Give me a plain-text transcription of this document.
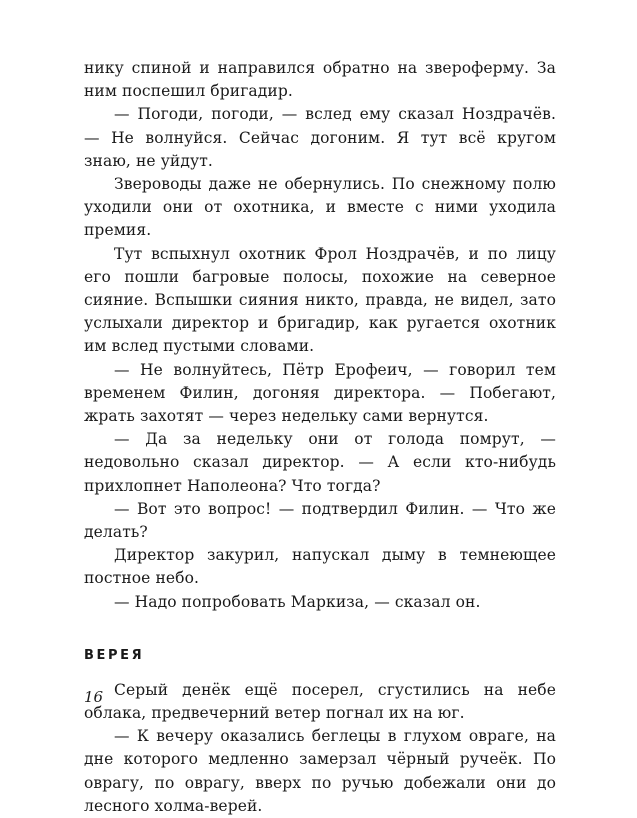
нику спиной и направился обратно на звероферму. За ним поспешил бригадир.

— Погоди, погоди, — вслед ему сказал Ноздрачёв. — Не волнуйся. Сейчас догоним. Я тут всё кругом знаю, не уйдут.

Звероводы даже не обернулись. По снежному полю уходили они от охотника, и вместе с ними уходила премия.

Тут вспыхнул охотник Фрол Ноздрачёв, и по лицу его пошли багровые полосы, похожие на северное сияние. Вспышки сияния никто, правда, не видел, зато услыхали директор и бригадир, как ругается охотник им вслед пустыми словами.

— Не волнуйтесь, Пётр Ерофеич, — говорил тем временем Филин, догоняя директора. — Побегают, жрать захотят — через недельку сами вернутся.

— Да за недельку они от голода помрут, — недовольно сказал директор. — А если кто-нибудь прихлопнет Наполеона? Что тогда?

— Вот это вопрос! — подтвердил Филин. — Что же делать?

Директор закурил, напускал дыму в темнеющее постное небо.

— Надо попробовать Маркиза, — сказал он.

ВЕРЕЯ

Серый денёк ещё посерел, сгустились на небе облака, предвечерний ветер погнал их на юг.

— К вечеру оказались беглецы в глухом овраге, на дне которого медленно замерзал чёрный ручеёк. По оврагу, по оврагу, вверх по ручью добежали они до лесного холма-верей.

16
